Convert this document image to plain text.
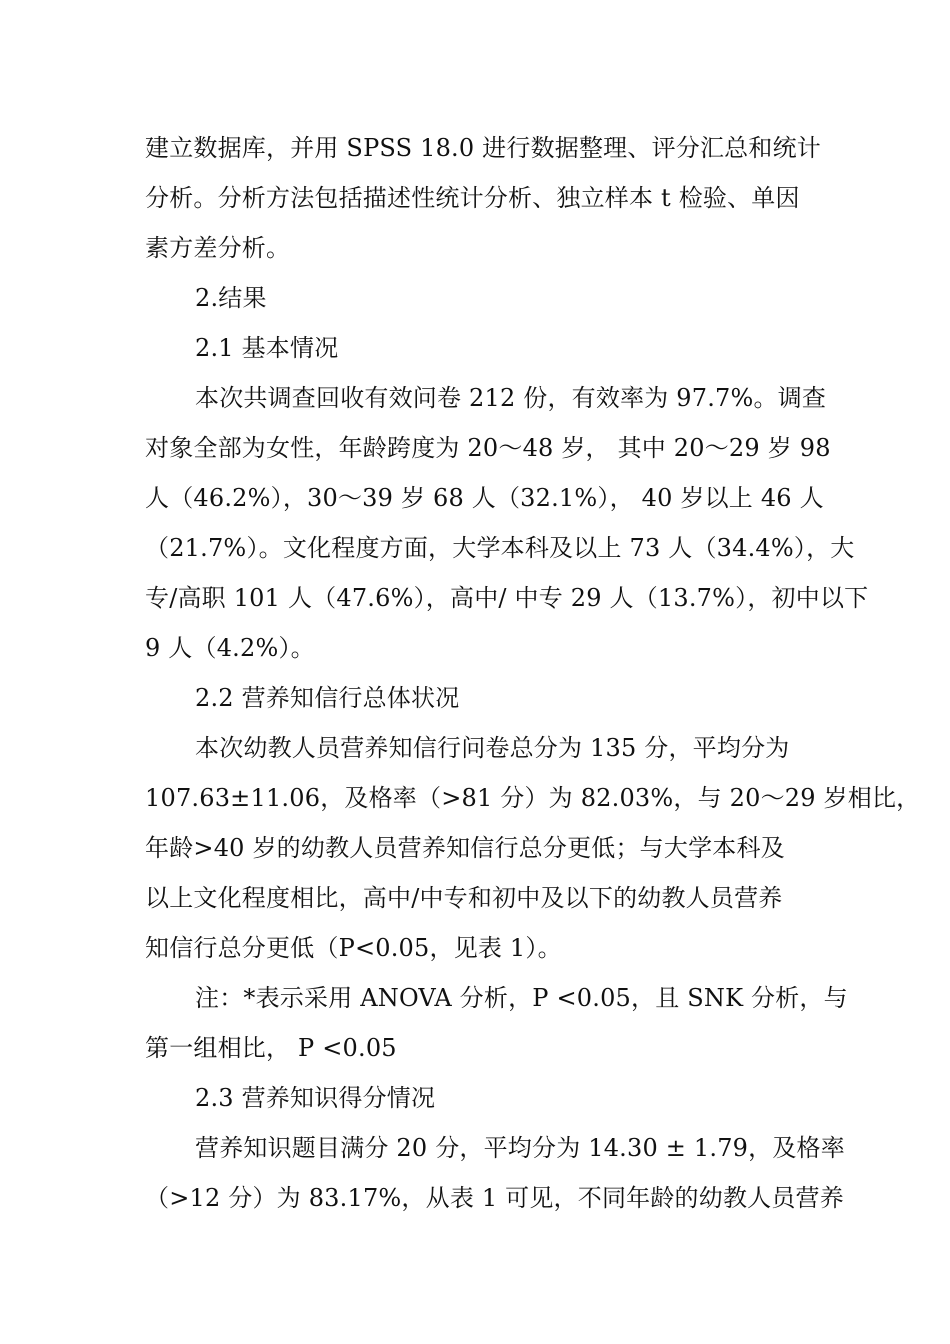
建立数据库，并用 SPSS 18.0 进行数据整理、评分汇总和统计
分析。分析方法包括描述性统计分析、独立样本 t 检验、单因
素方差分析。
2.结果
2.1 基本情况
本次共调查回收有效问卷 212 份，有效率为 97.7%。调查
对象全部为女性，年龄跨度为 20～48 岁， 其中 20～29 岁 98
人（46.2%），30～39 岁 68 人（32.1%）， 40 岁以上 46 人
（21.7%）。文化程度方面，大学本科及以上 73 人（34.4%），大
专/高职 101 人（47.6%），高中/ 中专 29 人（13.7%），初中以下
9 人（4.2%）。
2.2 营养知信行总体状况
本次幼教人员营养知信行问卷总分为 135 分，平均分为
107.63±11.06，及格率（>81 分）为 82.03%，与 20～29 岁相比，
年龄>40 岁的幼教人员营养知信行总分更低；与大学本科及
以上文化程度相比，高中/中专和初中及以下的幼教人员营养
知信行总分更低（P<0.05，见表 1）。
注：*表示采用 ANOVA 分析，P <0.05，且 SNK 分析，与
第一组相比， P <0.05
2.3 营养知识得分情况
营养知识题目满分 20 分，平均分为 14.30 ± 1.79，及格率
（>12 分）为 83.17%，从表 1 可见，不同年龄的幼教人员营养
